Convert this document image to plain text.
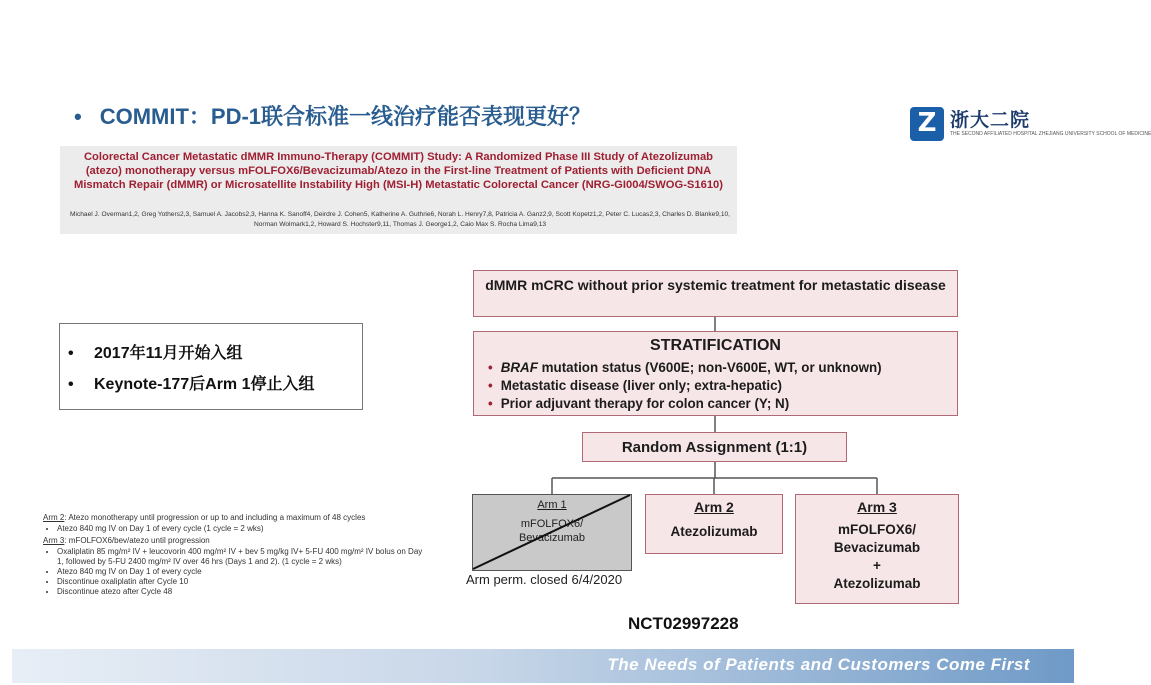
• COMMIT：PD-1联合标准一线治疗能否表现更好？	Z 浙大二院
THE SECOND AFFILIATED HOSPITAL ZHEJIANG UNIVERSITY SCHOOL OF MEDICINE
Colorectal Cancer Metastatic dMMR Immuno-Therapy (COMMIT) Study: A Randomized Phase III Study of Atezolizumab (atezo) monotherapy versus mFOLFOX6/Bevacizumab/Atezo in the First-line Treatment of Patients with Deficient DNA Mismatch Repair (dMMR) or Microsatellite Instability High (MSI-H) Metastatic Colorectal Cancer (NRG-GI004/SWOG-S1610)
Michael J. Overman1,2, Greg Yothers2,3, Samuel A. Jacobs2,3, Hanna K. Sanoff4, Deirdre J. Cohen5, Katherine A. Guthrie6, Norah L. Henry7,8, Patricia A. Ganz2,9, Scott Kopetz1,2, Peter C. Lucas2,3, Charles D. Blanke9,10, Norman Wolmark1,2, Howard S. Hochster9,11, Thomas J. George1,2, Caio Max S. Rocha Lima9,13
• 2017年11月开始入组
• Keynote-177后Arm 1停止入组
dMMR mCRC without prior systemic treatment for metastatic disease
STRATIFICATION
• BRAF mutation status (V600E; non-V600E, WT, or unknown)
• Metastatic disease (liver only; extra-hepatic)
• Prior adjuvant therapy for colon cancer (Y; N)
Random Assignment (1:1)
Arm 1
mFOLFOX6/
Bevacizumab
Arm 2
Atezolizumab
Arm 3
mFOLFOX6/
Bevacizumab
+
Atezolizumab
Arm perm. closed 6/4/2020
NCT02997228
Arm 2: Atezo monotherapy until progression or up to and including a maximum of 48 cycles
• Atezo 840 mg IV on Day 1 of every cycle (1 cycle = 2 wks)
Arm 3: mFOLFOX6/bev/atezo until progression
• Oxaliplatin 85 mg/m² IV + leucovorin 400 mg/m² IV + bev 5 mg/kg IV+ 5-FU 400 mg/m² IV bolus on Day 1, followed by 5-FU 2400 mg/m² IV over 46 hrs (Days 1 and 2). (1 cycle = 2 wks)
• Atezo 840 mg IV on Day 1 of every cycle
• Discontinue oxaliplatin after Cycle 10
• Discontinue atezo after Cycle 48
The Needs of Patients and Customers Come First
